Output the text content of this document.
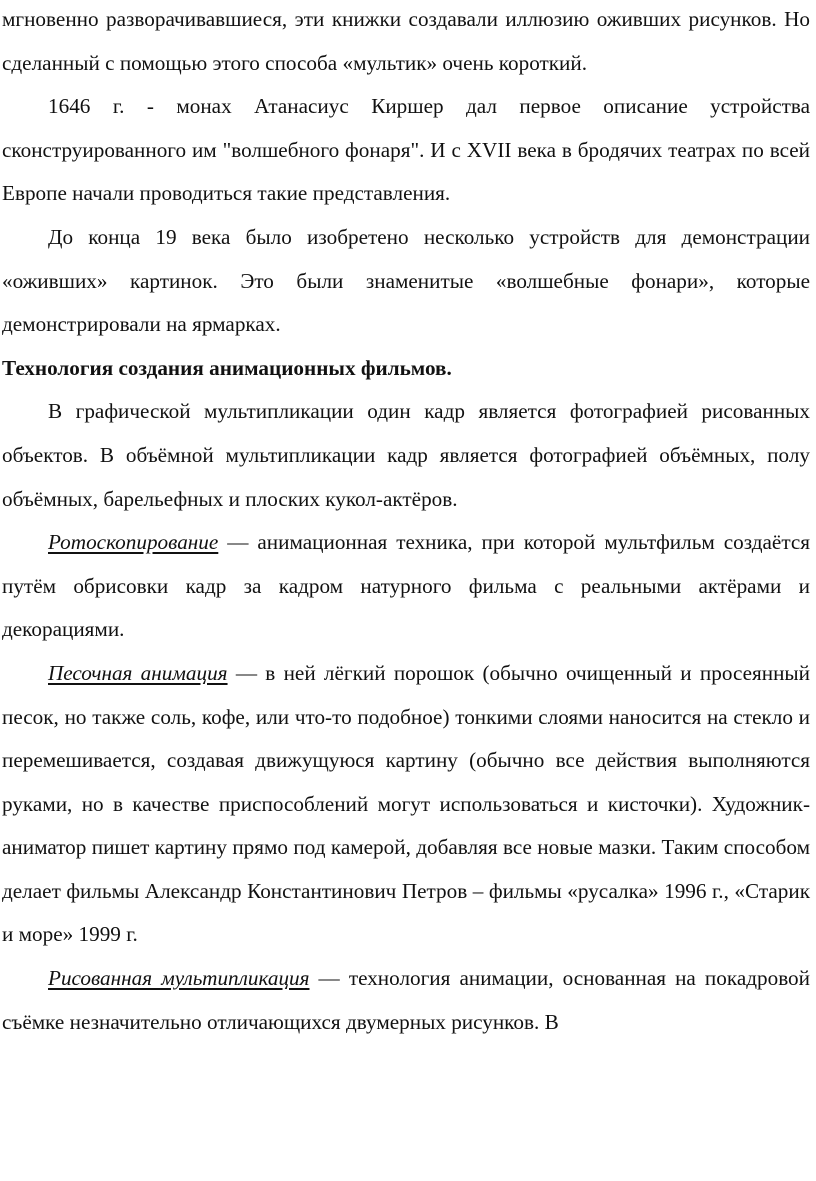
мгновенно разворачивавшиеся, эти книжки создавали иллюзию оживших рисунков. Но сделанный с помощью этого способа «мультик» очень короткий.

1646 г. - монах Атанасиус Киршер дал первое описание устройства сконструированного им "волшебного фонаря". И с XVII века в бродячих театрах по всей Европе начали проводиться такие представления.

До конца 19 века было изобретено несколько устройств для демонстрации «оживших» картинок. Это были знаменитые «волшебные фонари», которые демонстрировали на ярмарках.

Технология создания анимационных фильмов.

В графической мультипликации один кадр является фотографией рисованных объектов. В объёмной мультипликации кадр является фотографией объёмных, полу объёмных, барельефных и плоских кукол-актёров.

Ротоскопирование — анимационная техника, при которой мультфильм создаётся путём обрисовки кадр за кадром натурного фильма с реальными актёрами и декорациями.

Песочная анимация — в ней лёгкий порошок (обычно очищенный и просеянный песок, но также соль, кофе, или что-то подобное) тонкими слоями наносится на стекло и перемешивается, создавая движущуюся картину (обычно все действия выполняются руками, но в качестве приспособлений могут использоваться и кисточки). Художник-аниматор пишет картину прямо под камерой, добавляя все новые мазки. Таким способом делает фильмы Александр Константинович Петров – фильмы «русалка» 1996 г., «Старик и море» 1999 г.

Рисованная мультипликация — технология анимации, основанная на покадровой съёмке незначительно отличающихся двумерных рисунков. В
